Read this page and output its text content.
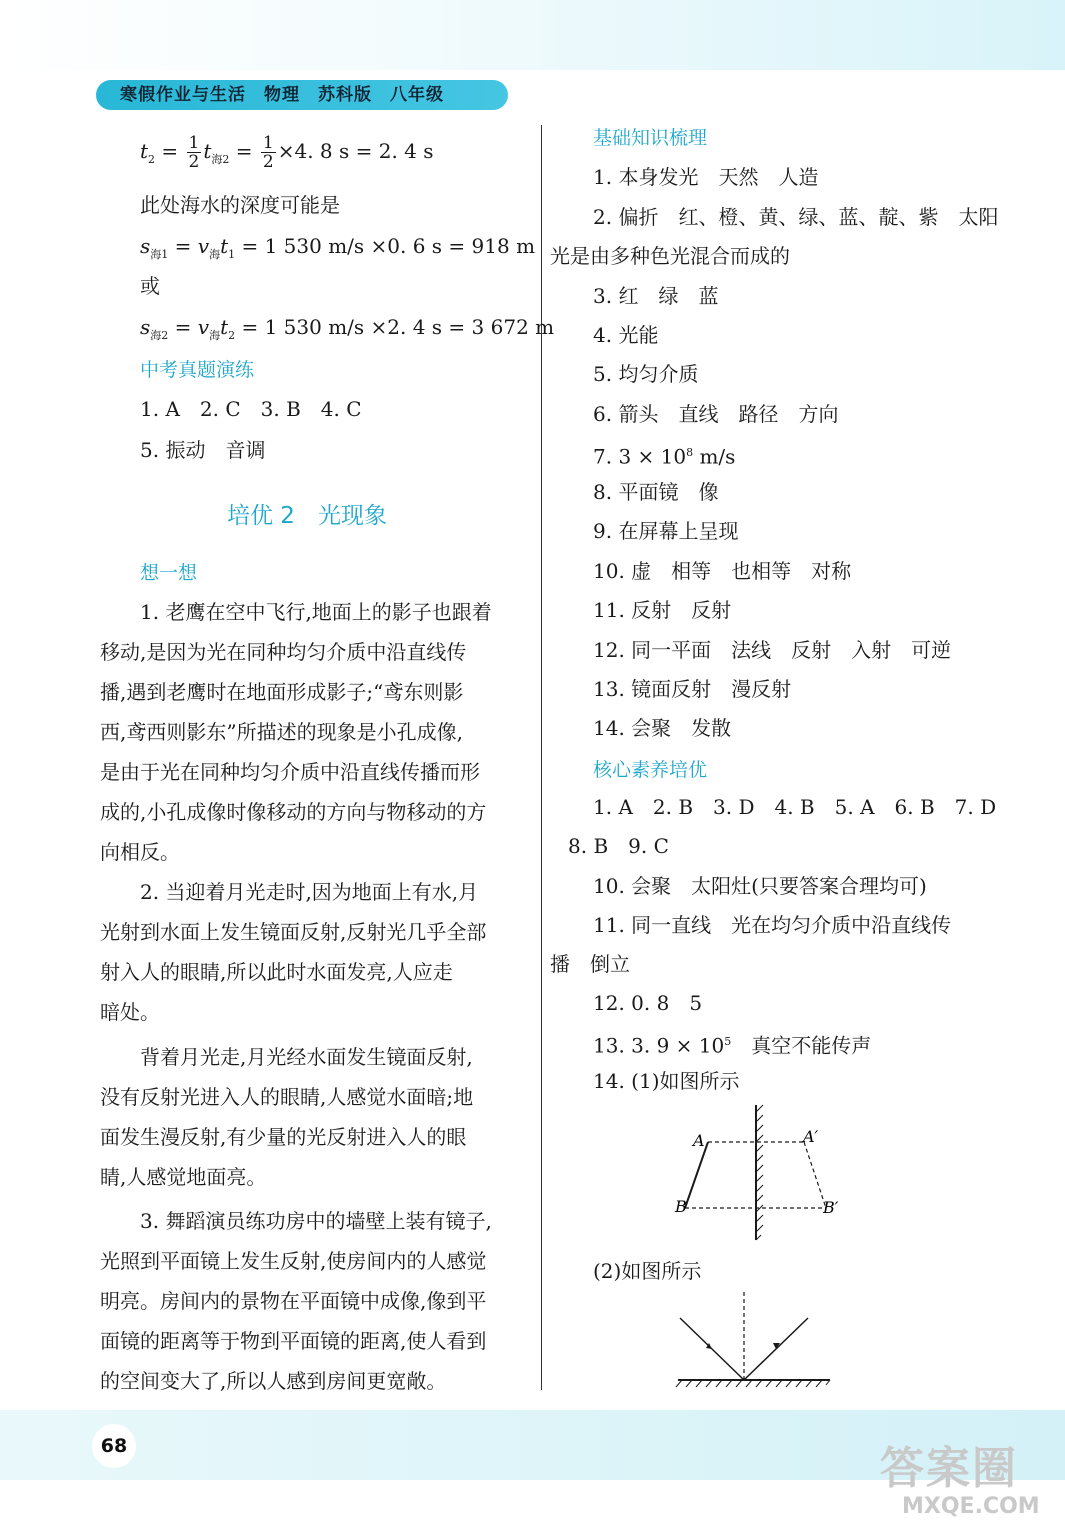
寒假作业与生活　物理　苏科版　八年级
$t_2 = \frac{1}{2} t_{海2} = \frac{1}{2} \times 4$. 8 s = 2. 4 s
此处海水的深度可能是
$s_{海1} = v_海t_1 = 1$ 530 m/s ×0. 6 s = 918 m
或
$s_{海2} = v_海t_2 = 1$ 530 m/s ×2. 4 s = 3 672 m
中考真题演练
1. A　2. C　3. B　4. C
5. 振动　音调
培优 2　光现象
想一想
1. 老鹰在空中飞行,地面上的影子也跟着
移动,是因为光在同种均匀介质中沿直线传
播,遇到老鹰时在地面形成影子;“鸢东则影
西,鸢西则影东”所描述的现象是小孔成像,
是由于光在同种均匀介质中沿直线传播而形
成的,小孔成像时像移动的方向与物移动的方
向相反。
2. 当迎着月光走时,因为地面上有水,月
光射到水面上发生镜面反射,反射光几乎全部
射入人的眼睛,所以此时水面发亮,人应走
暗处。
背着月光走,月光经水面发生镜面反射,
没有反射光进入人的眼睛,人感觉水面暗;地
面发生漫反射,有少量的光反射进入人的眼
睛,人感觉地面亮。
3. 舞蹈演员练功房中的墙壁上装有镜子,
光照到平面镜上发生反射,使房间内的人感觉
明亮。房间内的景物在平面镜中成像,像到平
面镜的距离等于物到平面镜的距离,使人看到
的空间变大了,所以人感到房间更宽敞。
基础知识梳理
1. 本身发光　天然　人造
2. 偏折　红、橙、黄、绿、蓝、靛、紫　太阳
光是由多种色光混合而成的
3. 红　绿　蓝
4. 光能
5. 均匀介质
6. 箭头　直线　路径　方向
7. $3 \times 10^8$ m/s
8. 平面镜　像
9. 在屏幕上呈现
10. 虚　相等　也相等　对称
11. 反射　反射
12. 同一平面　法线　反射　入射　可逆
13. 镜面反射　漫反射
14. 会聚　发散
核心素养培优
1. A　2. B　3. D　4. B　5. A　6. B　7. D
8. B　9. C
10. 会聚　太阳灶(只要答案合理均可)
11. 同一直线　光在均匀介质中沿直线传
播　倒立
12. 0. 8　5
13. 3. $9 \times 10^5$　真空不能传声
14. (1)如图所示
A	A′
B	B′
(2)如图所示
68	答案圈
MXQE.COM
